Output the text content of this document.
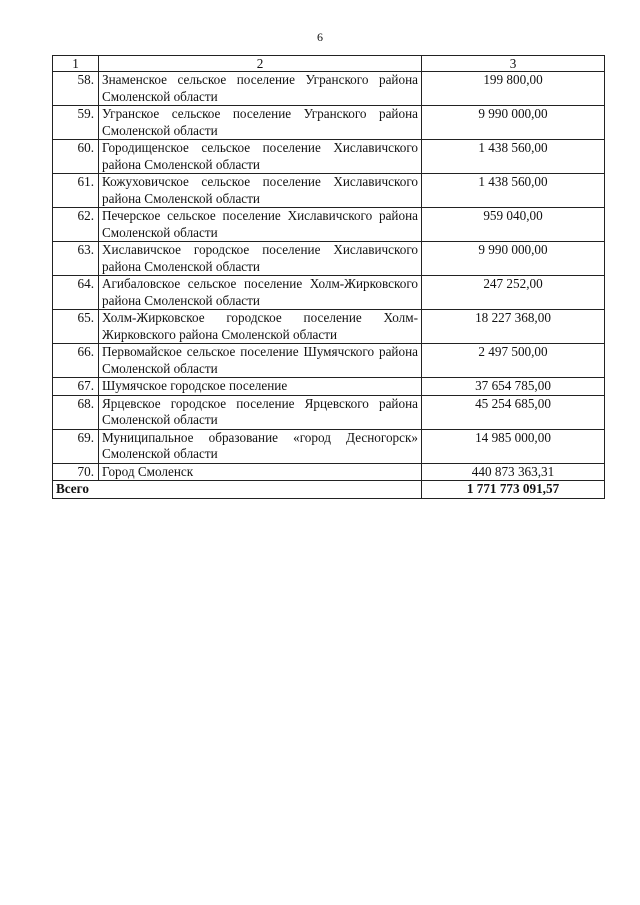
6
1	2	3
58.	Знаменское сельское поселение Угранского района Смоленской области	199 800,00
59.	Угранское сельское поселение Угранского района Смоленской области	9 990 000,00
60.	Городищенское сельское поселение Хиславичского района Смоленской области	1 438 560,00
61.	Кожуховичское сельское поселение Хиславичского района Смоленской области	1 438 560,00
62.	Печерское сельское поселение Хиславичского района Смоленской области	959 040,00
63.	Хиславичское городское поселение Хиславичского района Смоленской области	9 990 000,00
64.	Агибаловское сельское поселение Холм-Жирковского района Смоленской области	247 252,00
65.	Холм-Жирковское городское поселение Холм-Жирковского района Смоленской области	18 227 368,00
66.	Первомайское сельское поселение Шумячского района Смоленской области	2 497 500,00
67.	Шумячское городское поселение	37 654 785,00
68.	Ярцевское городское поселение Ярцевского района Смоленской области	45 254 685,00
69.	Муниципальное образование «город Десногорск» Смоленской области	14 985 000,00
70.	Город Смоленск	440 873 363,31
Всего		1 771 773 091,57
